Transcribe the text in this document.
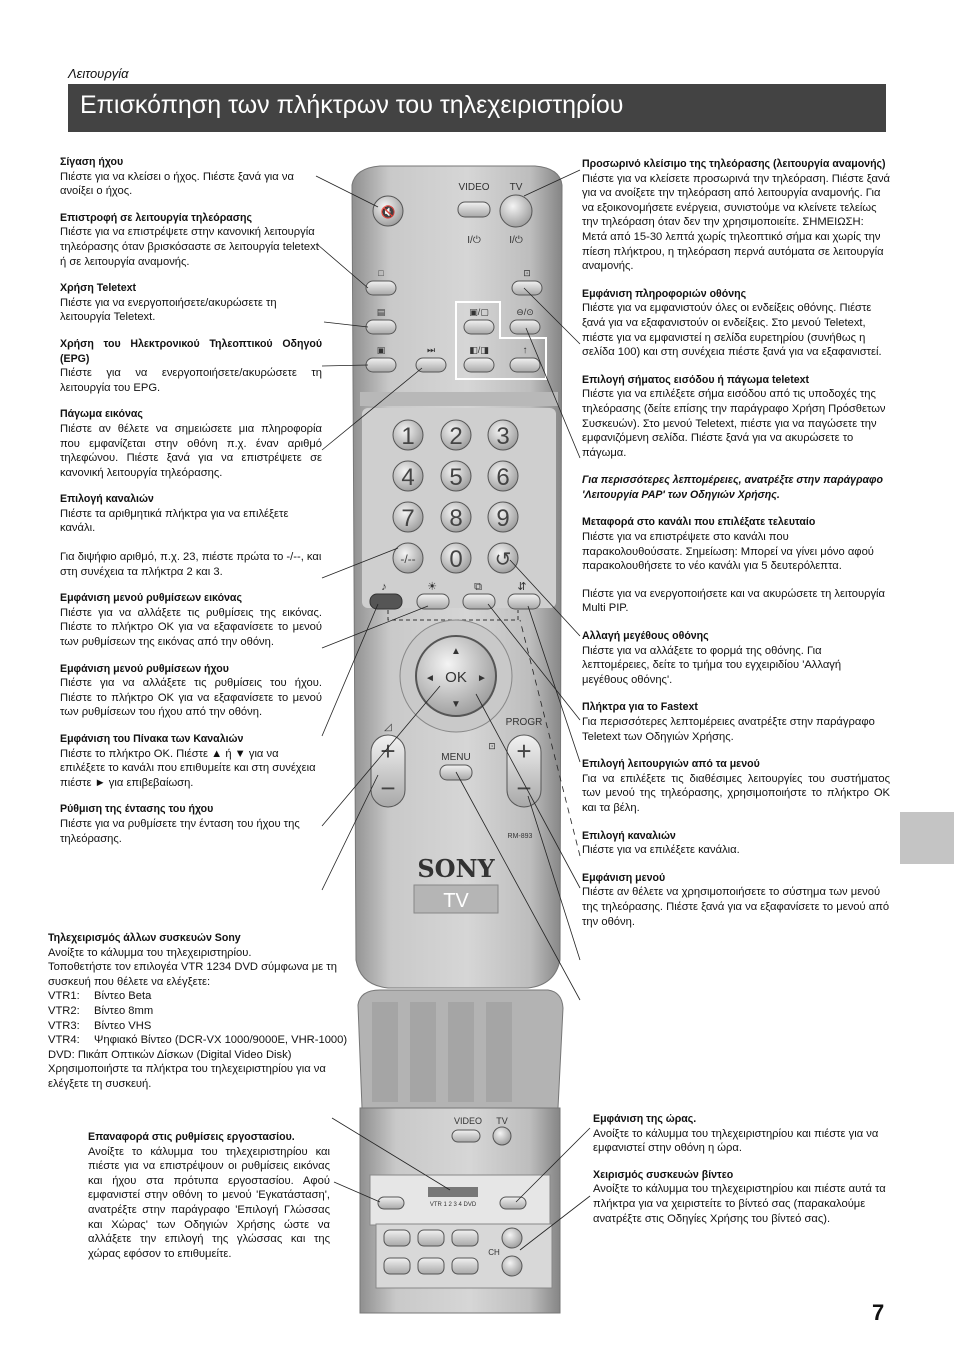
Λειτουργία
Επισκόπηση των πλήκτρων του τηλεχειριστηρίου
🔇
VIDEO TV
I/⏻	I/⏻
□
▤
▣	⏭
⊡
▣/▢	⊖/⊙
◧/◨	↑
1 2 3
4 5 6
7 8 9
-/-- 0 ↺
♪	☀	⧉	⇵
OK
▲
▼
◄	►
◿
+
−
PROGR
+
−
MENU
⊡
RM-893
SONY
TV
VIDEO TV
VTR 1 2 3 4 DVD
CH
Σίγαση ήχου
Πιέστε για να κλείσει ο ήχος. Πιέστε ξανά για να ανοίξει ο ήχος.
Επιστροφή σε λειτουργία τηλεόρασης
Πιέστε για να επιστρέψετε στην κανονική λειτουργία τηλεόρασης όταν βρισκόσαστε σε λειτουργία teletext ή σε λειτουργία αναμονής.
Χρήση Teletext
Πιέστε για να ενεργοποιήσετε/ακυρώσετε τη λειτουργία Teletext.
Χρήση του Ηλεκτρονικού Τηλεοπτικού Οδηγού (EPG)
Πιέστε για να ενεργοποιήσετε/ακυρώσετε τη λειτουργία του EPG.
Πάγωμα εικόνας
Πιέστε αν θέλετε να σημειώσετε μια πληροφορία που εμφανίζεται στην οθόνη π.χ. έναν αριθμό τηλεφώνου. Πιέστε ξανά για να επιστρέψετε σε κανονική λειτουργία τηλεόρασης.
Επιλογή καναλιών
Πιέστε τα αριθμητικά πλήκτρα για να επιλέξετε κανάλι.
Για διψήφιο αριθμό, π.χ. 23, πιέστε πρώτα το -/--, και στη συνέχεια τα πλήκτρα 2 και 3.
Εμφάνιση μενού ρυθμίσεων εικόνας
Πιέστε για να αλλάξετε τις ρυθμίσεις της εικόνας. Πιέστε το πλήκτρο OK για να εξαφανίσετε το μενού των ρυθμίσεων της εικόνας από την οθόνη.
Εμφάνιση μενού ρυθμίσεων ήχου
Πιέστε για να αλλάξετε τις ρυθμίσεις του ήχου. Πιέστε το πλήκτρο OK για να εξαφανίσετε το μενού των ρυθμίσεων του ήχου από την οθόνη.
Εμφάνιση του Πίνακα των Καναλιών
Πιέστε το πλήκτρο OK. Πιέστε ▲ ή ▼ για να επιλέξετε το κανάλι που επιθυμείτε και στη συνέχεια πιέστε ► για επιβεβαίωση.
Ρύθμιση της έντασης του ήχου
Πιέστε για να ρυθμίσετε την ένταση του ήχου της τηλεόρασης.
Τηλεχειρισμός άλλων συσκευών Sony
Ανοίξτε το κάλυμμα του τηλεχειριστηρίου.
Τοποθετήστε τον επιλογέα VTR 1234 DVD σύμφωνα με τη συσκευή που θέλετε να ελέγξετε:
VTR1:	Βίντεο Beta
VTR2:	Βίντεο 8mm
VTR3:	Βίντεο VHS
VTR4:	Ψηφιακό Βίντεο (DCR-VX 1000/9000E, VHR-1000)
DVD: Πικάπ Οπτικών Δίσκων (Digital Video Disk)
Χρησιμοποιήστε τα πλήκτρα του τηλεχειριστηρίου για να ελέγξετε τη συσκευή.
Επαναφορά στις ρυθμίσεις εργοστασίου.
Ανοίξτε το κάλυμμα του τηλεχειριστηρίου και πιέστε για να επιστρέψουν οι ρυθμίσεις εικόνας και ήχου στα πρότυπα εργοστασίου. Αφού εμφανιστεί στην οθόνη το μενού 'Εγκατάσταση', ανατρέξτε στην παράγραφο 'Επιλογή Γλώσσας και Χώρας' των Οδηγιών Χρήσης ώστε να αλλάξετε την επιλογή της γλώσσας και της χώρας εφόσον το επιθυμείτε.
Προσωρινό κλείσιμο της τηλεόρασης (λειτουργία αναμονής)
Πιέστε για να κλείσετε προσωρινά την τηλεόραση. Πιέστε ξανά για να ανοίξετε την τηλεόραση από λειτουργία αναμονής. Για να εξοικονομήσετε ενέργεια, συνιστούμε να κλείνετε τελείως την τηλεόραση όταν δεν την χρησιμοποιείτε. ΣΗΜΕΙΩΣΗ: Μετά από 15-30 λεπτά χωρίς τηλεοπτικό σήμα και χωρίς την πίεση πλήκτρου, η τηλεόραση περνά αυτόματα σε λειτουργία αναμονής.
Εμφάνιση πληροφοριών οθόνης
Πιέστε για να εμφανιστούν όλες οι ενδείξεις οθόνης. Πιέστε ξανά για να εξαφανιστούν οι ενδείξεις. Στο μενού Teletext, πιέστε για να εμφανιστεί η σελίδα ευρετηρίου (συνήθως η σελίδα 100) και στη συνέχεια πιέστε ξανά για να εξαφανιστεί.
Επιλογή σήματος εισόδου ή πάγωμα teletext
Πιέστε για να επιλέξετε σήμα εισόδου από τις υποδοχές της τηλεόρασης (δείτε επίσης την παράγραφο Χρήση Πρόσθετων Συσκευών). Στο μενού Teletext, πιέστε για να παγώσετε την εμφανιζόμενη σελίδα. Πιέστε ξανά για να ακυρώσετε το πάγωμα.
Για περισσότερες λεπτομέρειες, ανατρέξτε στην παράγραφο 'Λειτουργία PAP' των Οδηγιών Χρήσης.
Μεταφορά στο κανάλι που επιλέξατε τελευταίο
Πιέστε για να επιστρέψετε στο κανάλι που παρακολουθούσατε. Σημείωση: Μπορεί να γίνει μόνο αφού παρακολουθήσετε το νέο κανάλι για 5 δευτερόλεπτα.
Πιέστε για να ενεργοποιήσετε και να ακυρώσετε τη λειτουργία Multi PIP.
Αλλαγή μεγέθους οθόνης
Πιέστε για να αλλάξετε το φορμά της οθόνης. Για λεπτομέρειες, δείτε το τμήμα του εγχειριδίου 'Αλλαγή μεγέθους οθόνης'.
Πλήκτρα για το Fastext
Για περισσότερες λεπτομέρειες ανατρέξτε στην παράγραφο Teletext των Οδηγιών Χρήσης.
Επιλογή λειτουργιών από τα μενού
Για να επιλέξετε τις διαθέσιμες λειτουργίες του συστήματος των μενού της τηλεόρασης, χρησιμοποιήστε το πλήκτρο OK και τα βέλη.
Επιλογή καναλιών
Πιέστε για να επιλέξετε κανάλια.
Εμφάνιση μενού
Πιέστε αν θέλετε να χρησιμοποιήσετε το σύστημα των μενού της τηλεόρασης. Πιέστε ξανά για να εξαφανίσετε το μενού από την οθόνη.
Εμφάνιση της ώρας.
Ανοίξτε το κάλυμμα του τηλεχειριστηρίου και πιέστε για να εμφανιστεί στην οθόνη η ώρα.
Χειρισμός συσκευών βίντεο
Ανοίξτε το κάλυμμα του τηλεχειριστηρίου και πιέστε αυτά τα πλήκτρα για να χειριστείτε το βίντεό σας (παρακαλούμε ανατρέξτε στις Οδηγίες Χρήσης του βίντεό σας).
7
